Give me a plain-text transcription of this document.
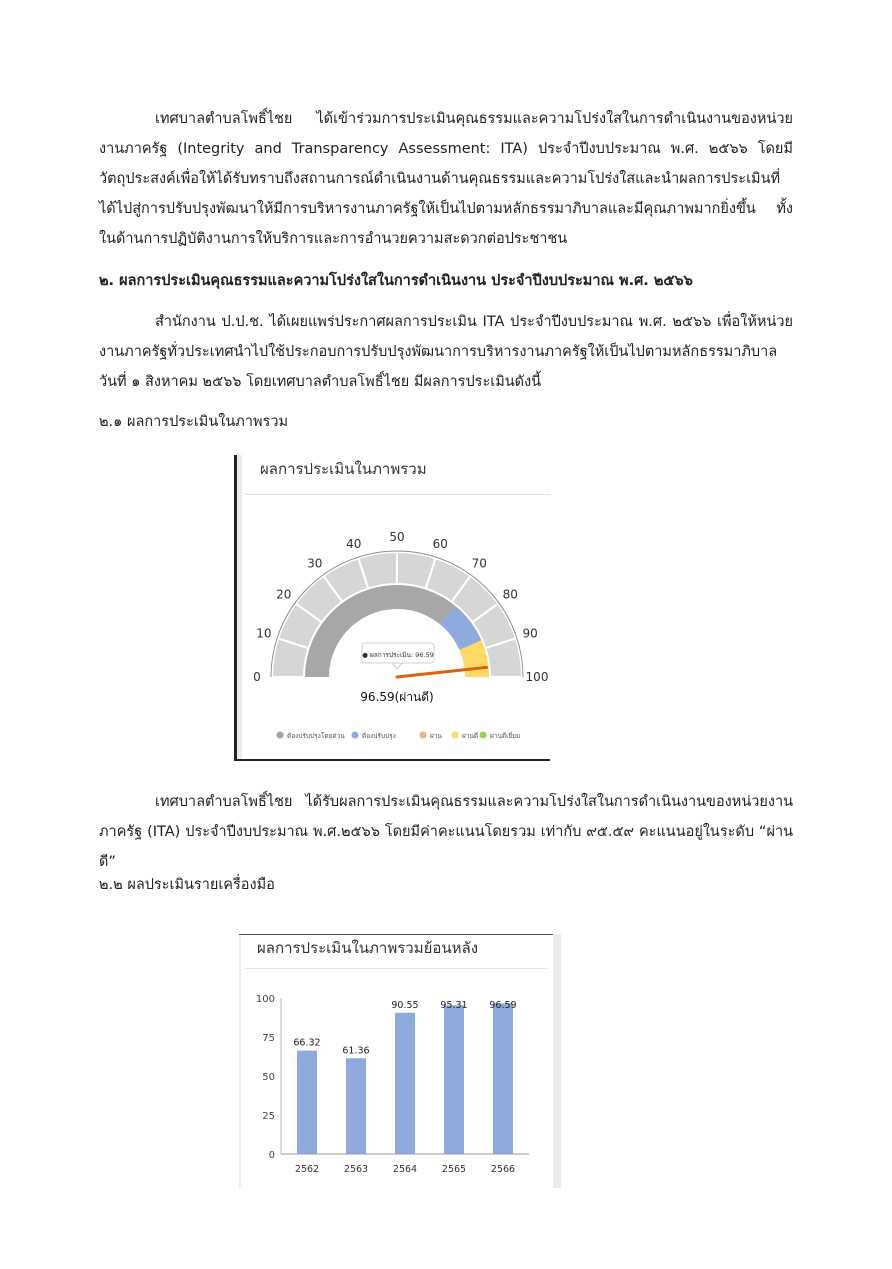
เทศบาลตำบลโพธิ์ไชย ได้เข้าร่วมการประเมินคุณธรรมและความโปร่งใสในการดำเนินงานของหน่วยงานภาครัฐ (Integrity and Transparency Assessment: ITA) ประจำปีงบประมาณ พ.ศ. ๒๕๖๖ โดยมีวัตถุประสงค์เพื่อให้ได้รับทราบถึงสถานการณ์ดำเนินงานด้านคุณธรรมและความโปร่งใสและนำผลการประเมินที่ได้ไปสู่การปรับปรุงพัฒนาให้มีการบริหารงานภาครัฐให้เป็นไปตามหลักธรรมาภิบาลและมีคุณภาพมากยิ่งขึ้น ทั้งในด้านการปฏิบัติงานการให้บริการและการอำนวยความสะดวกต่อประชาชน

๒. ผลการประเมินคุณธรรมและความโปร่งใสในการดำเนินงาน ประจำปีงบประมาณ พ.ศ. ๒๕๖๖

สำนักงาน ป.ป.ช. ได้เผยแพร่ประกาศผลการประเมิน ITA ประจำปีงบประมาณ พ.ศ. ๒๕๖๖ เพื่อให้หน่วยงานภาครัฐทั่วประเทศนำไปใช้ประกอบการปรับปรุงพัฒนาการบริหารงานภาครัฐให้เป็นไปตามหลักธรรมาภิบาล วันที่ ๑ สิงหาคม ๒๕๖๖ โดยเทศบาลตำบลโพธิ์ไชย มีผลการประเมินดังนี้

๒.๑ ผลการประเมินในภาพรวม

ผลการประเมินในภาพรวม
0
10
20
30
40 50 60
70
80
90
100
● ผลการประเมิน: 96.59
96.59(ผ่านดี)
ต้องปรับปรุงโดยด่วน	ต้องปรับปรุง	ผ่าน	ผ่านดี ผ่านดีเยี่ยม

เทศบาลตำบลโพธิ์ไชย ได้รับผลการประเมินคุณธรรมและความโปร่งใสในการดำเนินงานของหน่วยงานภาครัฐ (ITA) ประจำปีงบประมาณ พ.ศ.๒๕๖๖ โดยมีค่าคะแนนโดยรวม เท่ากับ ๙๕.๕๙ คะแนนอยู่ในระดับ “ผ่านดี”

๒.๒ ผลประเมินรายเครื่องมือ

ผลการประเมินในภาพรวมย้อนหลัง
0
25
50
75
100
66.32
2562
61.36
2563
90.55
2564
95.31
2565
96.59
2566
